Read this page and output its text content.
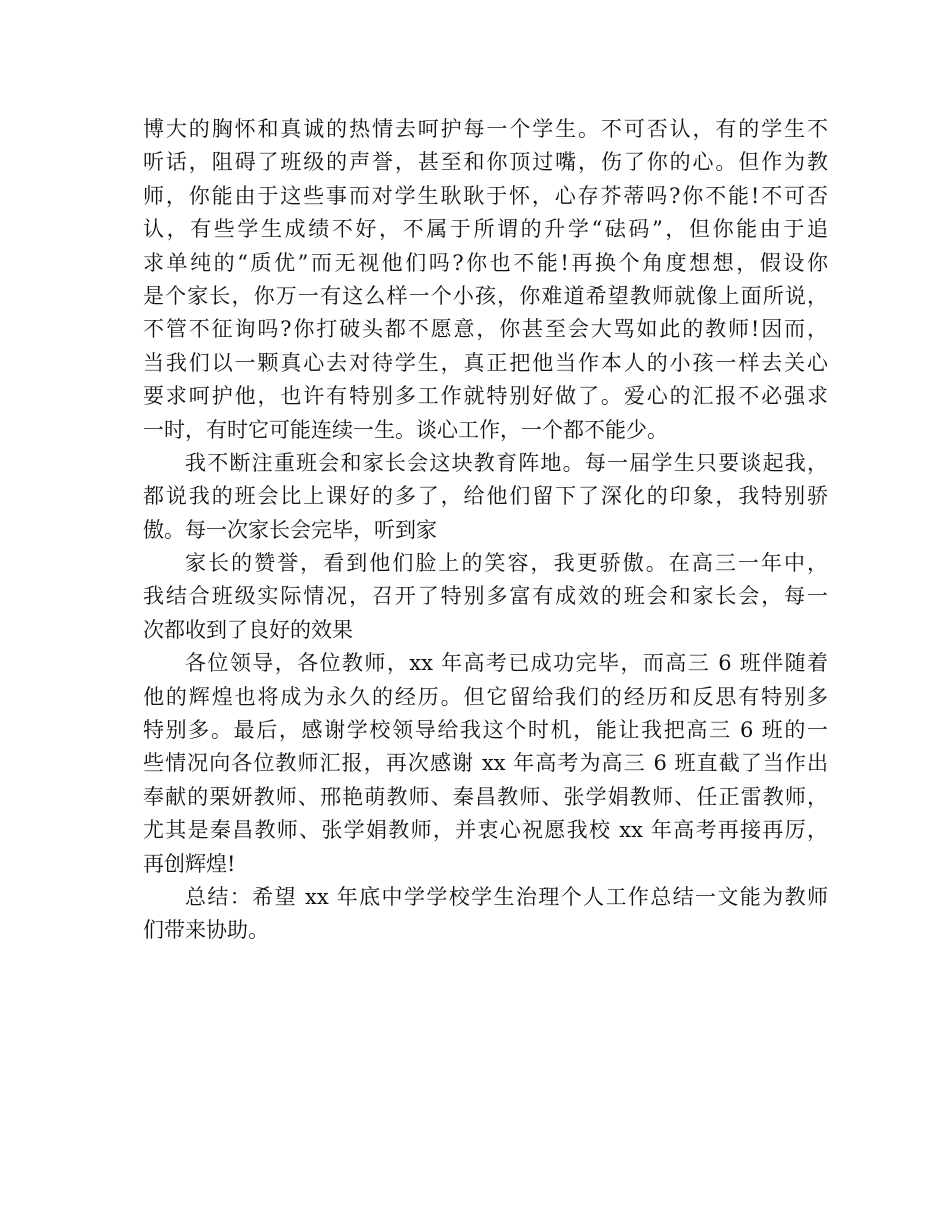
博大的胸怀和真诚的热情去呵护每一个学生。不可否认，有的学生不
听话，阻碍了班级的声誉，甚至和你顶过嘴，伤了你的心。但作为教
师，你能由于这些事而对学生耿耿于怀，心存芥蒂吗?你不能!不可否
认，有些学生成绩不好，不属于所谓的升学“砝码”，但你能由于追
求单纯的“质优”而无视他们吗?你也不能!再换个角度想想，假设你
是个家长，你万一有这么样一个小孩，你难道希望教师就像上面所说，
不管不征询吗?你打破头都不愿意，你甚至会大骂如此的教师!因而，
当我们以一颗真心去对待学生，真正把他当作本人的小孩一样去关心
要求呵护他，也许有特别多工作就特别好做了。爱心的汇报不必强求
一时，有时它可能连续一生。谈心工作，一个都不能少。
我不断注重班会和家长会这块教育阵地。每一届学生只要谈起我，
都说我的班会比上课好的多了，给他们留下了深化的印象，我特别骄
傲。每一次家长会完毕，听到家
家长的赞誉，看到他们脸上的笑容，我更骄傲。在高三一年中，
我结合班级实际情况，召开了特别多富有成效的班会和家长会，每一
次都收到了良好的效果
各位领导，各位教师，xx 年高考已成功完毕，而高三 6 班伴随着
他的辉煌也将成为永久的经历。但它留给我们的经历和反思有特别多
特别多。最后，感谢学校领导给我这个时机，能让我把高三 6 班的一
些情况向各位教师汇报，再次感谢 xx 年高考为高三 6 班直截了当作出
奉献的栗妍教师、邢艳萌教师、秦昌教师、张学娟教师、任正雷教师，
尤其是秦昌教师、张学娟教师，并衷心祝愿我校 xx 年高考再接再厉，
再创辉煌!
总结：希望 xx 年底中学学校学生治理个人工作总结一文能为教师
们带来协助。
